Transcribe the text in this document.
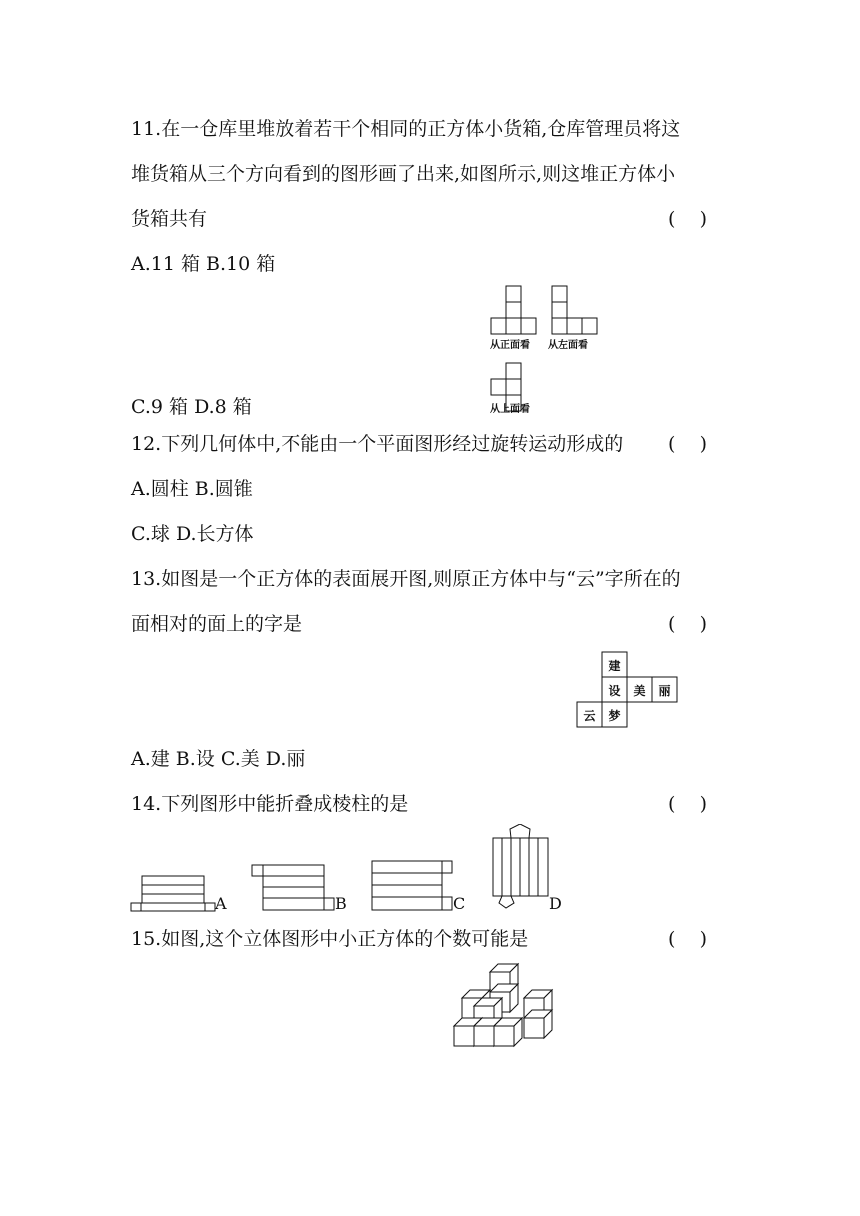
11.在一仓库里堆放着若干个相同的正方体小货箱,仓库管理员将这
堆货箱从三个方向看到的图形画了出来,如图所示,则这堆正方体小
货箱共有	(    )
A.11 箱 B.10 箱
从正面看 从左面看
从上面看
C.9 箱 D.8 箱
12.下列几何体中,不能由一个平面图形经过旋转运动形成的 (    )
A.圆柱 B.圆锥
C.球 D.长方体
13.如图是一个正方体的表面展开图,则原正方体中与“云”字所在的
面相对的面上的字是	(    )
建
设	美	丽
云	梦
A.建 B.设 C.美 D.丽
14.下列图形中能折叠成棱柱的是	(    )
A	B	C	D
15.如图,这个立体图形中小正方体的个数可能是	(    )
